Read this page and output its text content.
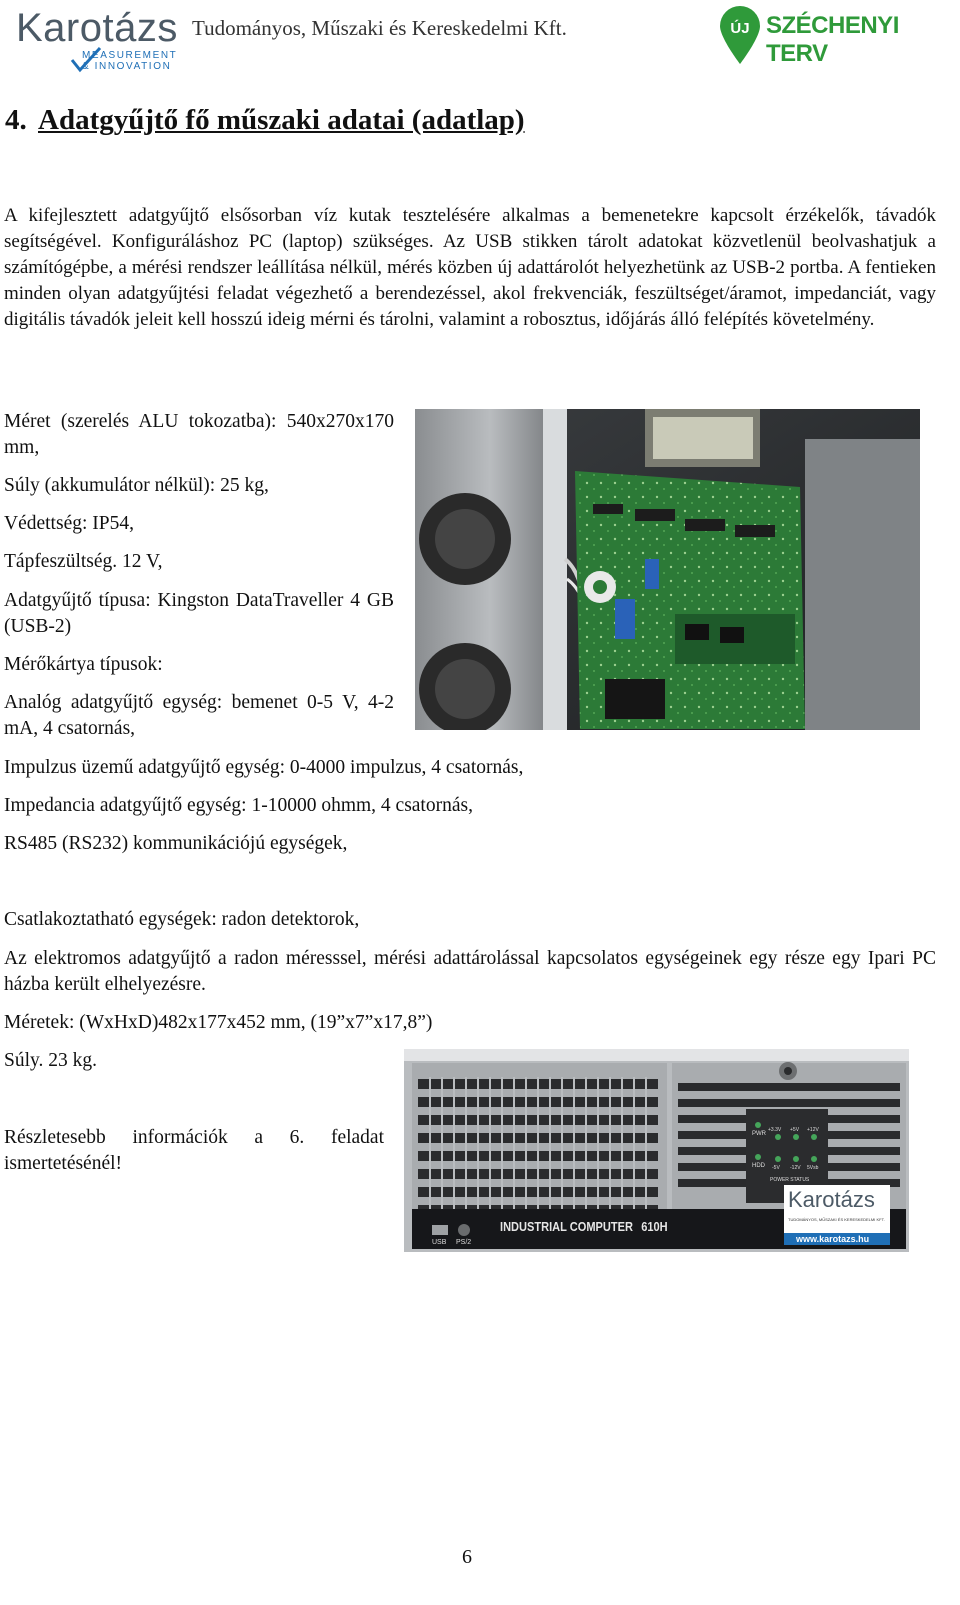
Karotázs
MEASUREMENT
& INNOVATION
Tudományos, Műszaki és Kereskedelmi Kft.	ÚJ SZÉCHENYI TERV
4. Adatgyűjtő fő műszaki adatai (adatlap)
A kifejlesztett adatgyűjtő elsősorban víz kutak tesztelésére alkalmas a bemenetekre kapcsolt érzékelők, távadók segítségével. Konfiguráláshoz PC (laptop) szükséges. Az USB stikken tárolt adatokat közvetlenül beolvashatjuk a számítógépbe, a mérési rendszer leállítása nélkül, mérés közben új adattárolót helyezhetünk az USB-2 portba. A fentieken minden olyan adatgyűjtési feladat végezhető a berendezéssel, akol frekvenciák, feszültséget/áramot, impedanciát, vagy digitális távadók jeleit kell hosszú ideig mérni és tárolni, valamint a robosztus, időjárás álló felépítés követelmény.
Méret (szerelés ALU tokozatba): 540x270x170 mm,
Súly (akkumulátor nélkül): 25 kg,
Védettség: IP54,
Tápfeszültség. 12 V,
Adatgyűjtő típusa: Kingston DataTraveller 4 GB (USB-2)
Mérőkártya típusok:
Analóg adatgyűjtő egység: bemenet 0-5 V, 4-2 mA, 4 csatornás,
Impulzus üzemű adatgyűjtő egység: 0-4000 impulzus, 4 csatornás,
Impedancia adatgyűjtő egység: 1-10000 ohmm, 4 csatornás,
RS485 (RS232) kommunikációjú egységek,
Csatlakoztatható egységek: radon detektorok,
Az elektromos adatgyűjtő a radon méresssel, mérési adattárolással kapcsolatos egységeinek egy része egy Ipari PC házba került elhelyezésre.
Méretek: (WxHxD)482x177x452 mm, (19”x7”x17,8”)
Súly. 23 kg.
Részletesebb információk a 6. feladat ismertetésénél!
USB PS/2
INDUSTRIAL COMPUTER 610H
PWR
HDD
+3.3V +5V +12V
-5V -12V 5Vsb
POWER STATUS
Karotázs
TUDOMÁNYOS, MŰSZAKI ÉS KERESKEDELMI KFT.
www.karotazs.hu
6
